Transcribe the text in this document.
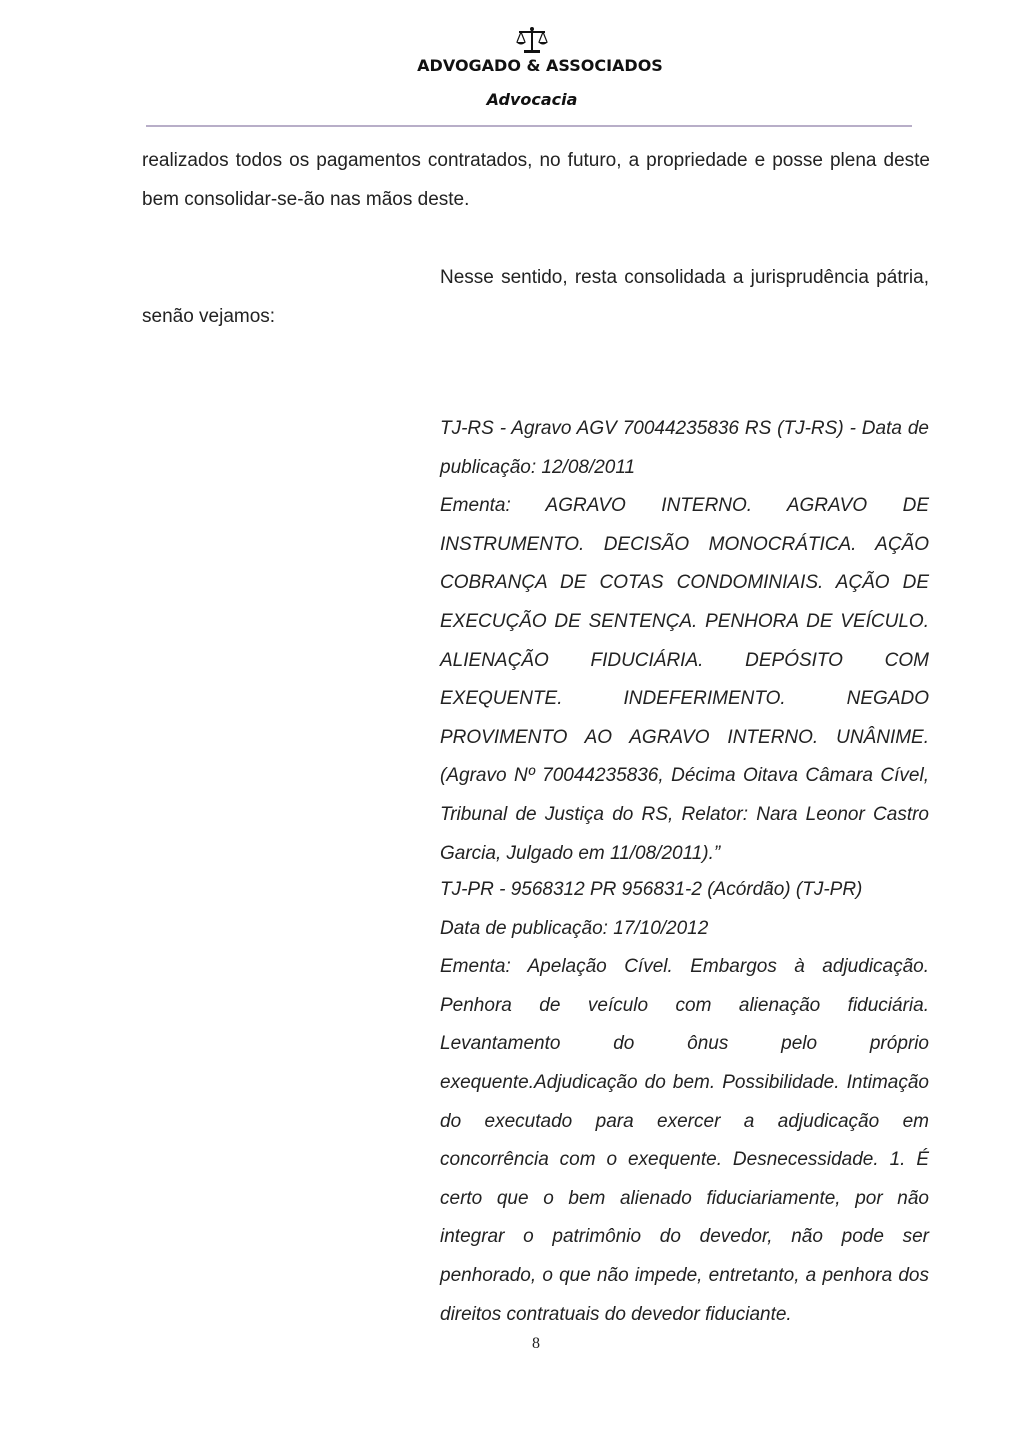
ADVOGADO & ASSOCIADOS
Advocacia

realizados todos os pagamentos contratados, no futuro, a propriedade e posse plena deste bem consolidar-se-ão nas mãos deste.

Nesse sentido, resta consolidada a jurisprudência pátria,

senão vejamos:

TJ-RS - Agravo AGV 70044235836 RS (TJ-RS) - Data de publicação: 12/08/2011
Ementa: AGRAVO INTERNO. AGRAVO DE INSTRUMENTO. DECISÃO MONOCRÁTICA. AÇÃO COBRANÇA DE COTAS CONDOMINIAIS. AÇÃO DE EXECUÇÃO DE SENTENÇA. PENHORA DE VEÍCULO. ALIENAÇÃO FIDUCIÁRIA. DEPÓSITO COM EXEQUENTE. INDEFERIMENTO. NEGADO PROVIMENTO AO AGRAVO INTERNO. UNÂNIME. (Agravo Nº 70044235836, Décima Oitava Câmara Cível, Tribunal de Justiça do RS, Relator: Nara Leonor Castro Garcia, Julgado em 11/08/2011).”
TJ-PR - 9568312 PR 956831-2 (Acórdão) (TJ-PR)
Data de publicação: 17/10/2012
Ementa: Apelação Cível. Embargos à adjudicação. Penhora de veículo com alienação fiduciária. Levantamento do ônus pelo próprio exequente.Adjudicação do bem. Possibilidade. Intimação do executado para exercer a adjudicação em concorrência com o exequente. Desnecessidade. 1. É certo que o bem alienado fiduciariamente, por não integrar o patrimônio do devedor, não pode ser penhorado, o que não impede, entretanto, a penhora dos direitos contratuais do devedor fiduciante.
8
